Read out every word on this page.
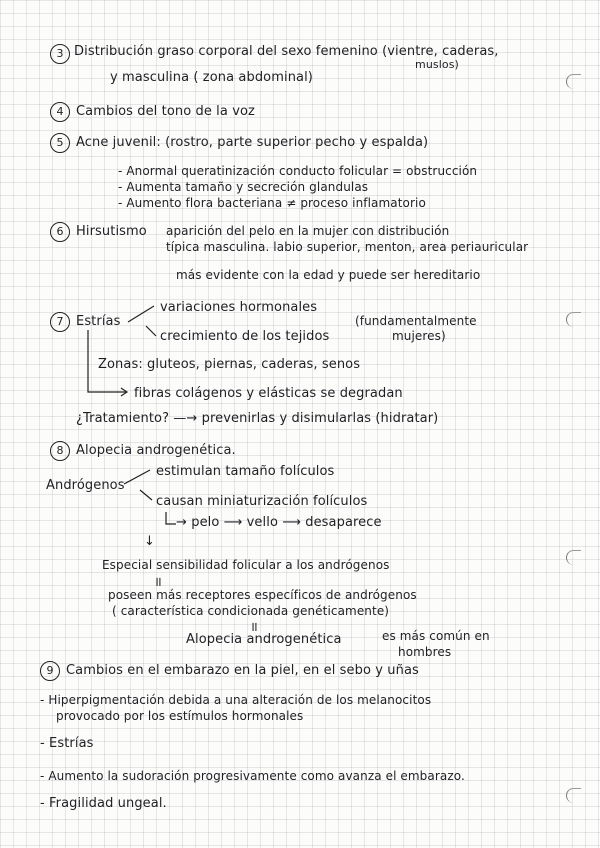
3 Distribución graso corporal del sexo femenino (vientre, caderas,
muslos)
y masculina ( zona abdominal)
4 Cambios del tono de la voz
5 Acne juvenil: (rostro, parte superior pecho y espalda)
- Anormal queratinización conducto folicular = obstrucción
- Aumenta tamaño y secreción glandulas
- Aumento flora bacteriana ≠ proceso inflamatorio
6 Hirsutismo aparición del pelo en la mujer con distribución
típica masculina. labio superior, menton, area periauricular
más evidente con la edad y puede ser hereditario
7 Estrías
variaciones hormonales
crecimiento de los tejidos
(fundamentalmente
mujeres)
Zonas: gluteos, piernas, caderas, senos
fibras colágenos y elásticas se degradan
¿Tratamiento? —→ prevenirlas y disimularlas (hidratar)
8 Alopecia androgenética.
Andrógenos
estimulan tamaño folículos
causan miniaturización folículos
→ pelo ⟶ vello ⟶ desaparece
↓
Especial sensibilidad folicular a los andrógenos
॥
poseen más receptores específicos de andrógenos
( característica condicionada genéticamente)
॥
Alopecia androgenética	es más común en
hombres
9 Cambios en el embarazo en la piel, en el sebo y uñas
- Hiperpigmentación debida a una alteración de los melanocitos
provocado por los estímulos hormonales
- Estrías
- Aumento la sudoración progresivamente como avanza el embarazo.
- Fragilidad ungeal.
